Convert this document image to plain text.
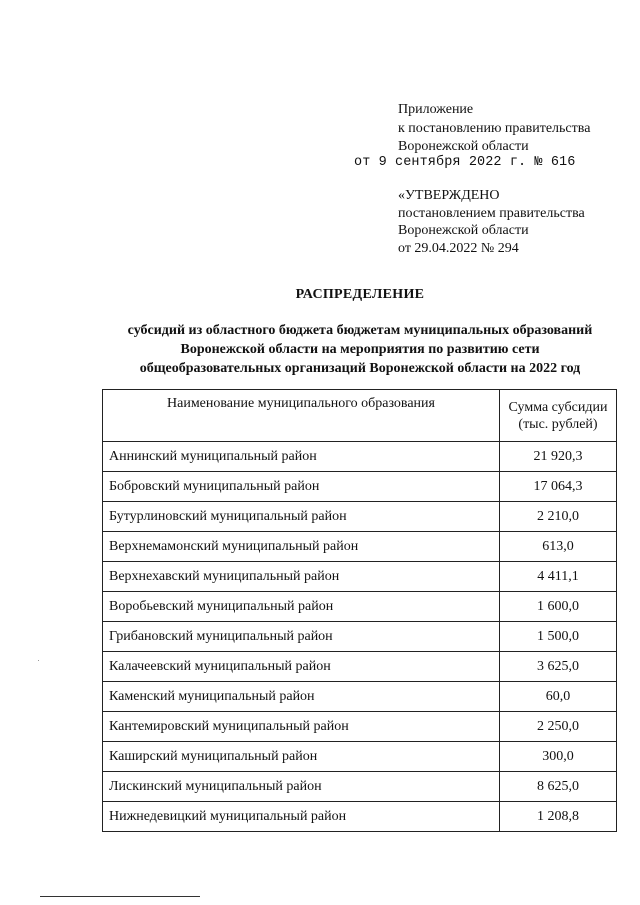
Приложение
к постановлению правительства
Воронежской области
от 9 сентября 2022 г. № 616
«УТВЕРЖДЕНО
постановлением правительства
Воронежской области
от 29.04.2022 № 294
РАСПРЕДЕЛЕНИЕ
субсидий из областного бюджета бюджетам муниципальных образований
Воронежской области на мероприятия по развитию сети
общеобразовательных организаций Воронежской области на 2022 год
Наименование муниципального образования	Сумма субсидии
(тыс. рублей)
Аннинский муниципальный район	21 920,3
Бобровский муниципальный район	17 064,3
Бутурлиновский муниципальный район	2 210,0
Верхнемамонский муниципальный район	613,0
Верхнехавский муниципальный район	4 411,1
Воробьевский муниципальный район	1 600,0
Грибановский муниципальный район	1 500,0
Калачеевский муниципальный район	3 625,0
Каменский муниципальный район	60,0
Кантемировский муниципальный район	2 250,0
Каширский муниципальный район	300,0
Лискинский муниципальный район	8 625,0
Нижнедевицкий муниципальный район	1 208,8
